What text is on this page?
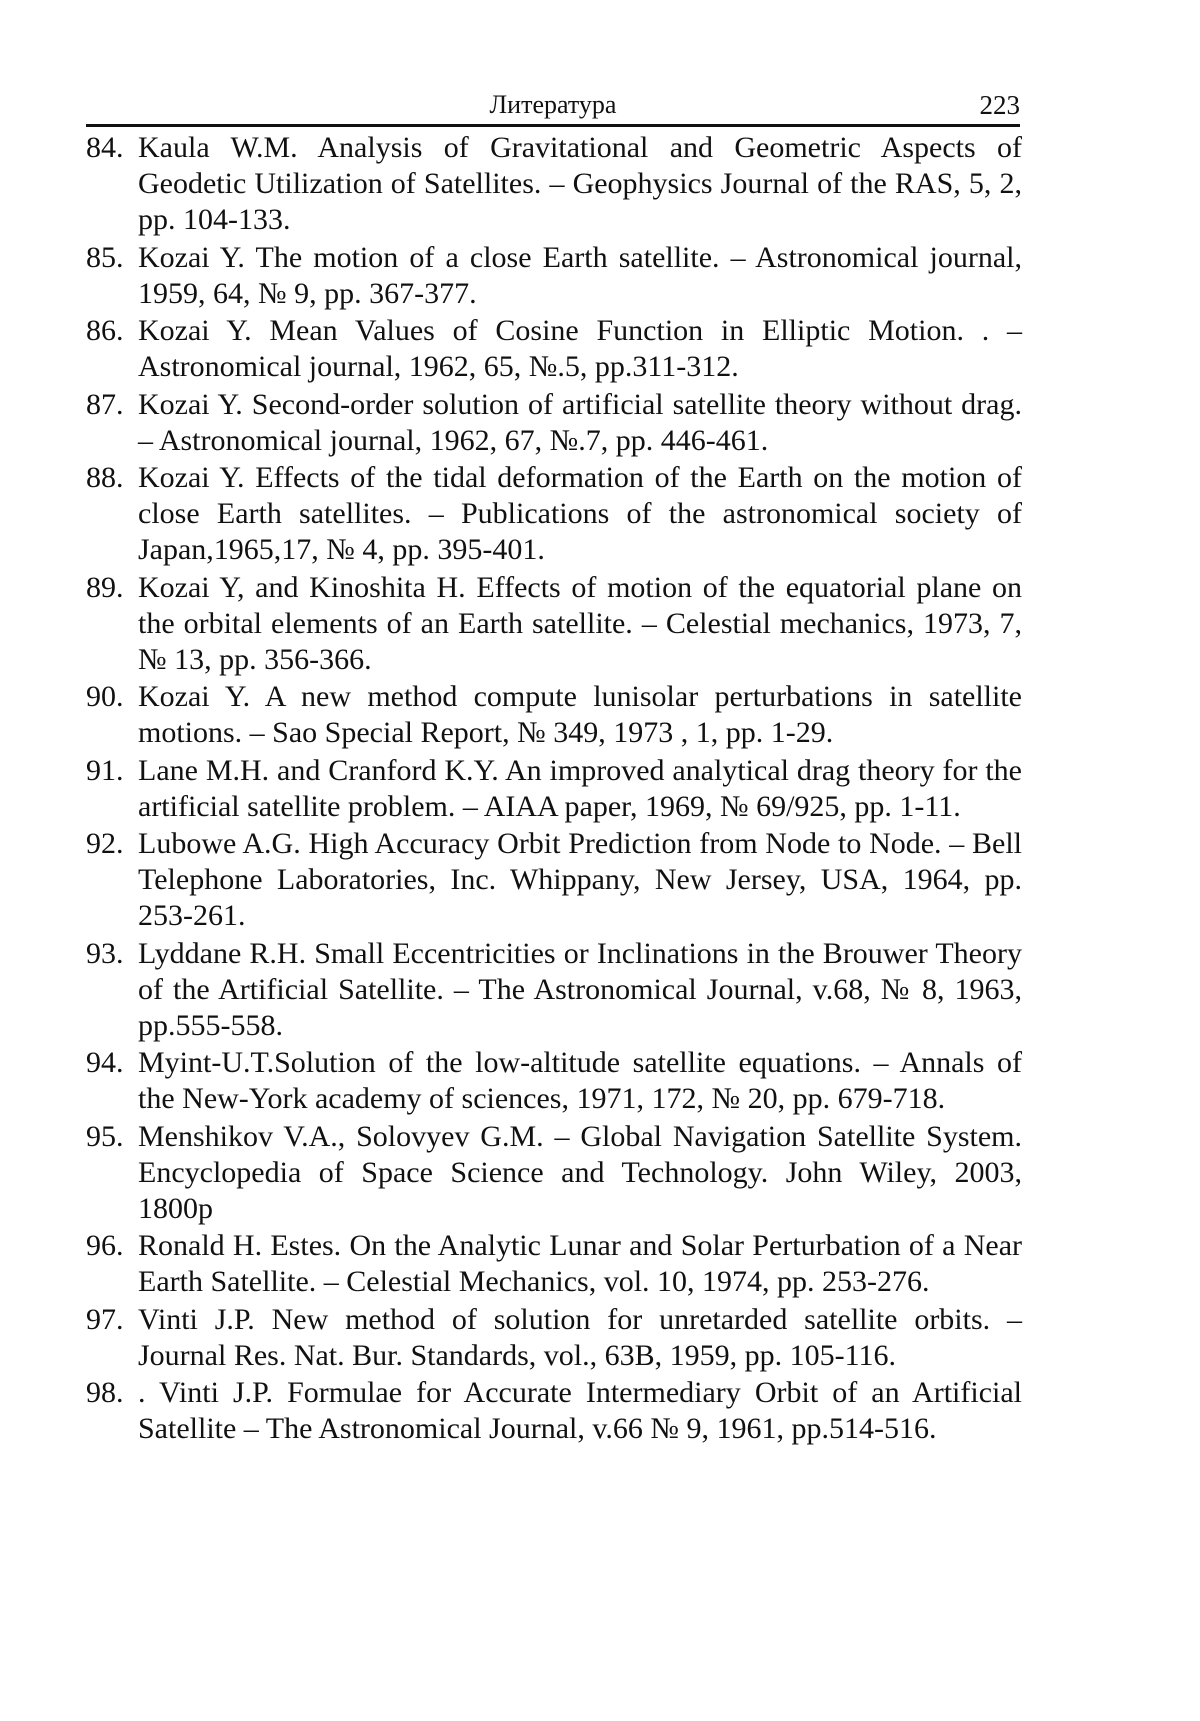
Литература	223
84. Kaula W.M. Analysis of Gravitational and Geometric Aspects of Geodetic Utilization of Satellites. – Geophysics Journal of the RAS, 5, 2, pp. 104-133.
85. Kozai Y. The motion of a close Earth satellite. – Astronomical journal, 1959, 64, № 9, pp. 367-377.
86. Kozai Y. Mean Values of Cosine Function in Elliptic Motion. . – Astronomical journal, 1962, 65, №.5, pp.311-312.
87. Kozai Y. Second-order solution of artificial satellite theory without drag. – Astronomical journal, 1962, 67, №.7, pp. 446-461.
88. Kozai Y. Effects of the tidal deformation of the Earth on the motion of close Earth satellites. – Publications of the astronomical society of Japan,1965,17, № 4, pp. 395-401.
89. Kozai Y, and Kinoshita H. Effects of motion of the equatorial plane on the orbital elements of an Earth satellite. – Celestial mechanics, 1973, 7, № 13, pp. 356-366.
90. Kozai Y. A new method compute lunisolar perturbations in satellite motions. – Sao Special Report, № 349, 1973 , 1, pp. 1-29.
91. Lane M.H. and Cranford K.Y. An improved analytical drag theory for the artificial satellite problem. – AIAA paper, 1969, № 69/925, pp. 1-11.
92. Lubowe A.G. High Accuracy Orbit Prediction from Node to Node. – Bell Telephone Laboratories, Inc. Whippany, New Jersey, USA, 1964, pp. 253-261.
93. Lyddane R.H. Small Eccentricities or Inclinations in the Brouwer Theory of the Artificial Satellite. – The Astronomical Journal, v.68, № 8, 1963, pp.555-558.
94. Myint-U.T.Solution of the low-altitude satellite equations. – Annals of the New-York academy of sciences, 1971, 172, № 20, pp. 679-718.
95. Menshikov V.A., Solovyev G.M. – Global Navigation Satellite System. Encyclopedia of Space Science and Technology. John Wiley, 2003, 1800p
96. Ronald H. Estes. On the Analytic Lunar and Solar Perturbation of a Near Earth Satellite. – Celestial Mechanics, vol. 10, 1974, pp. 253-276.
97. Vinti J.P. New method of solution for unretarded satellite orbits. – Journal Res. Nat. Bur. Standards, vol., 63B, 1959, pp. 105-116.
98. . Vinti J.P. Formulae for Accurate Intermediary Orbit of an Artificial Satellite – The Astronomical Journal, v.66 № 9, 1961, pp.514-516.
